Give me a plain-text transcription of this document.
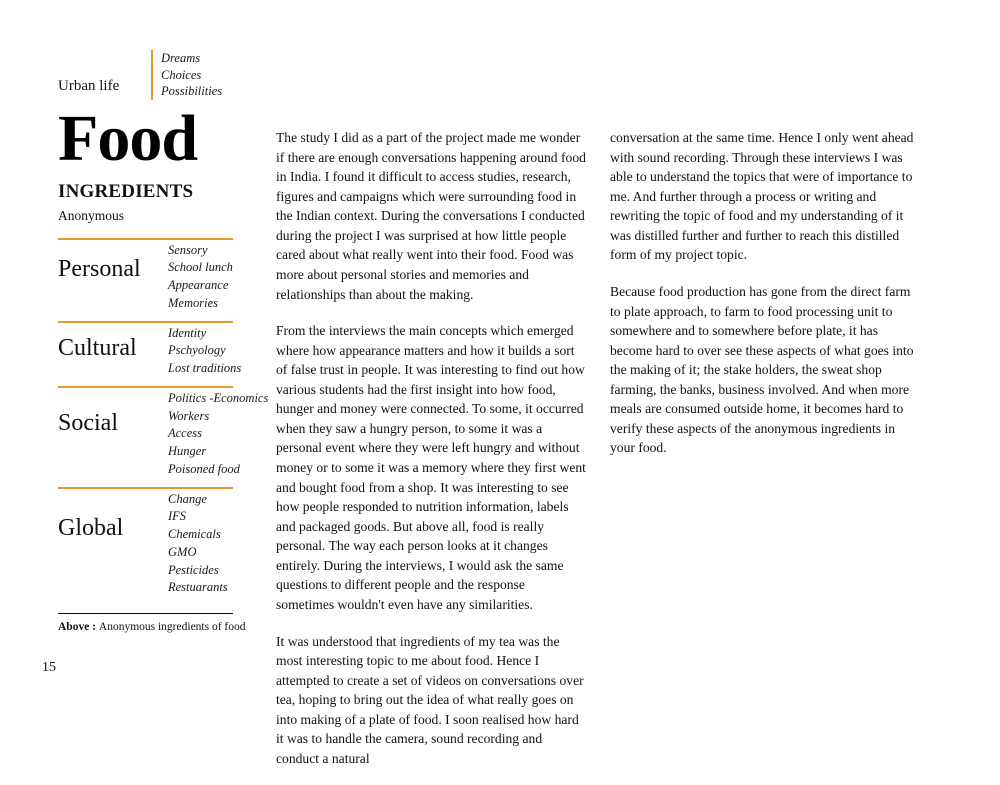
Urban life
Dreams
Choices
Possibilities
Food
INGREDIENTS
Anonymous
Personal
Sensory
School lunch
Appearance
Memories
Cultural
Identity
Pschyology
Lost traditions
Social
Politics -Economics
Workers
Access
Hunger
Poisoned food
Global
Change
IFS
Chemicals
GMO
Pesticides
Restuarants
Above : Anonymous ingredients of food

The study I did as a part of the project made me wonder if there are enough conversations happening around food in India. I found it difficult to access studies, research, figures and campaigns which were surrounding food in the Indian context. During the conversations I conducted during the project I was surprised at how little people cared about what really went into their food. Food was more about personal stories and memories and relationships than about the making.

From the interviews the main concepts which emerged where how appearance matters and how it builds a sort of false trust in people. It was interesting to find out how various students had the first insight into how food, hunger and money were connected. To some, it occurred when they saw a hungry person, to some it was a personal event where they were left hungry and without money or to some it was a memory where they first went and bought food from a shop. It was interesting to see how people responded to nutrition information, labels and packaged goods. But above all, food is really personal. The way each person looks at it changes entirely. During the interviews, I would ask the same questions to different people and the response sometimes wouldn't even have any similarities.

It was understood that ingredients of my tea was the most interesting topic to me about food. Hence I attempted to create a set of videos on conversations over tea, hoping to bring out the idea of what really goes on into making of a plate of food. I soon realised how hard it was to handle the camera, sound recording and conduct a natural

conversation at the same time. Hence I only went ahead with sound recording. Through these interviews I was able to understand the topics that were of importance to me. And further through a process or writing and rewriting the topic of food and my understanding of it was distilled further and further to reach this distilled form of my project topic.

Because food production has gone from the direct farm to plate approach, to farm to food processing unit to somewhere and to somewhere before plate, it has become hard to over see these aspects of what goes into the making of it; the stake holders, the sweat shop farming, the banks, business involved. And when more meals are consumed outside home, it becomes hard to verify these aspects of the anonymous ingredients in your food.

15
